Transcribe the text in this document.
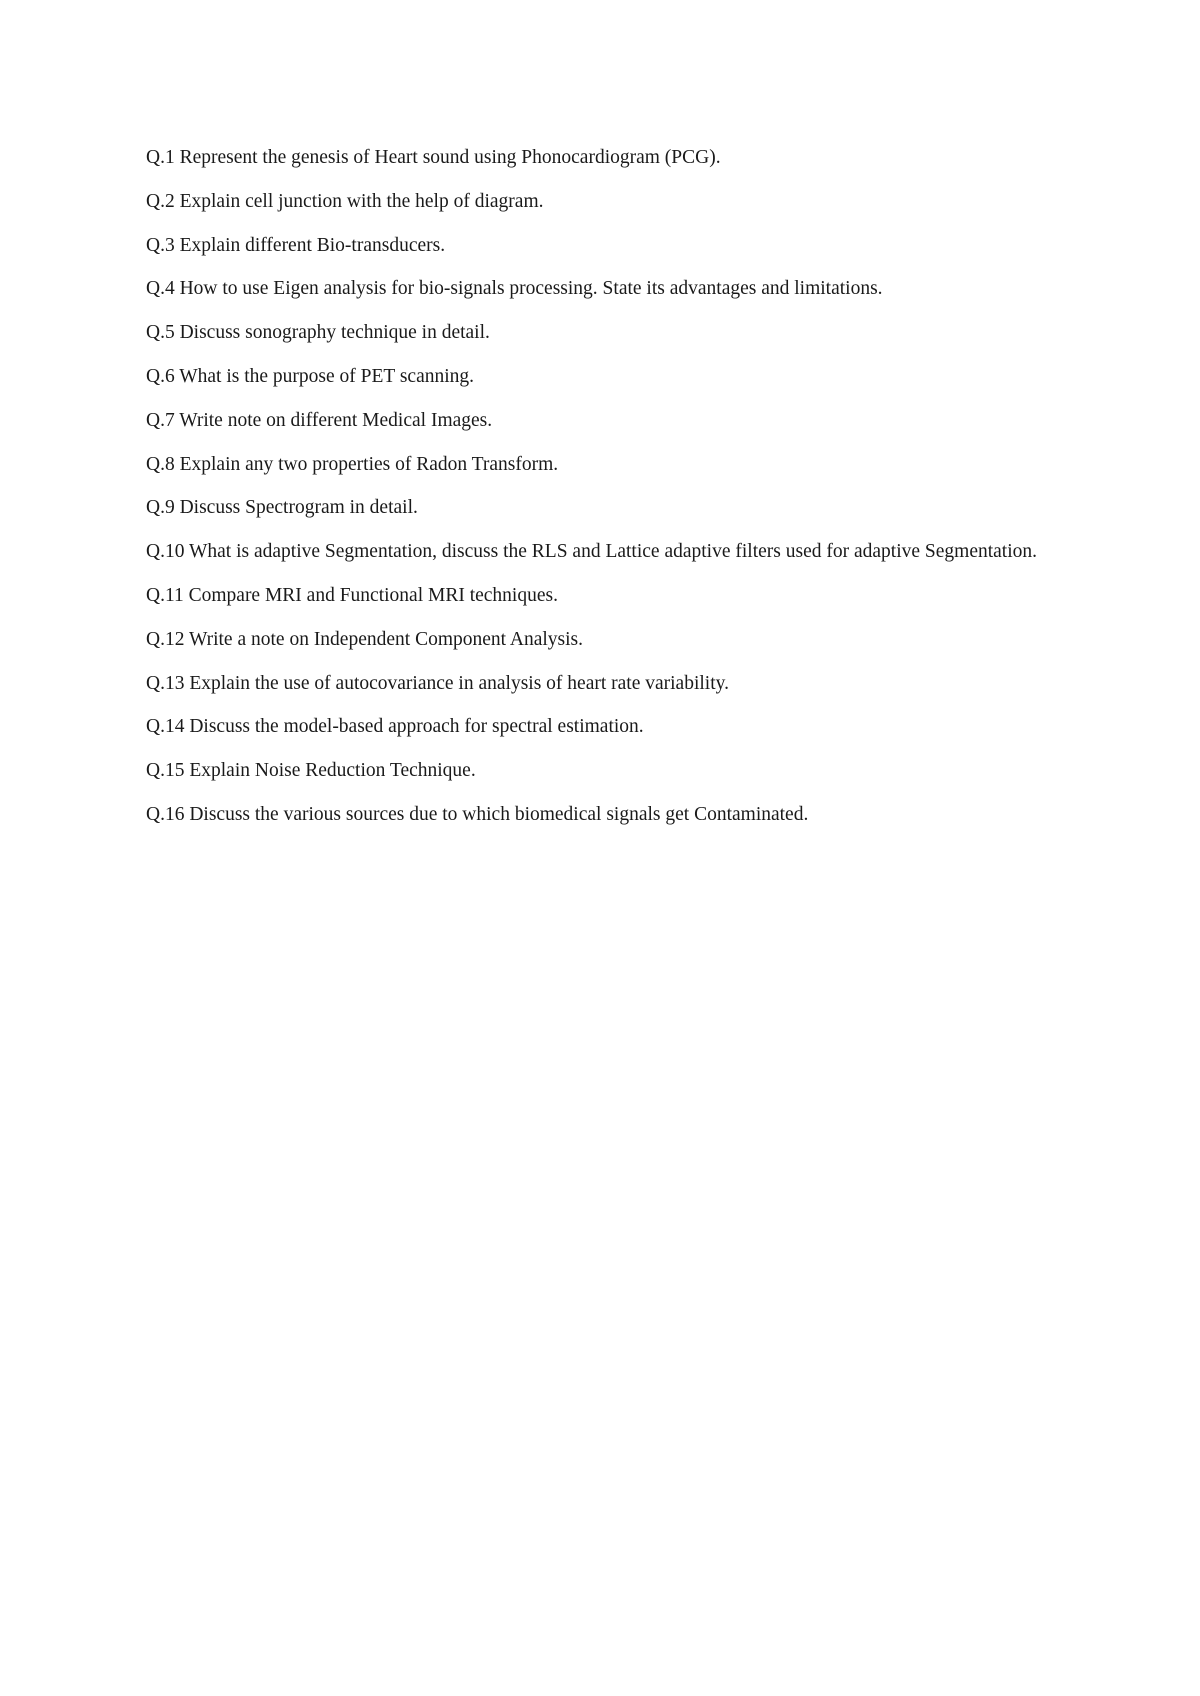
Q.1 Represent the genesis of Heart sound using Phonocardiogram (PCG).
Q.2 Explain cell junction with the help of diagram.
Q.3 Explain different Bio-transducers.
Q.4 How to use Eigen analysis for bio-signals processing. State its advantages and limitations.
Q.5 Discuss sonography technique in detail.
Q.6 What is the purpose of PET scanning.
Q.7 Write note on different Medical Images.
Q.8 Explain any two properties of Radon Transform.
Q.9 Discuss Spectrogram in detail.
Q.10 What is adaptive Segmentation, discuss the RLS and Lattice adaptive filters used for adaptive Segmentation.
Q.11 Compare MRI and Functional MRI techniques.
Q.12 Write a note on Independent Component Analysis.
Q.13 Explain the use of autocovariance in analysis of heart rate variability.
Q.14 Discuss the model-based approach for spectral estimation.
Q.15 Explain Noise Reduction Technique.
Q.16 Discuss the various sources due to which biomedical signals get Contaminated.
